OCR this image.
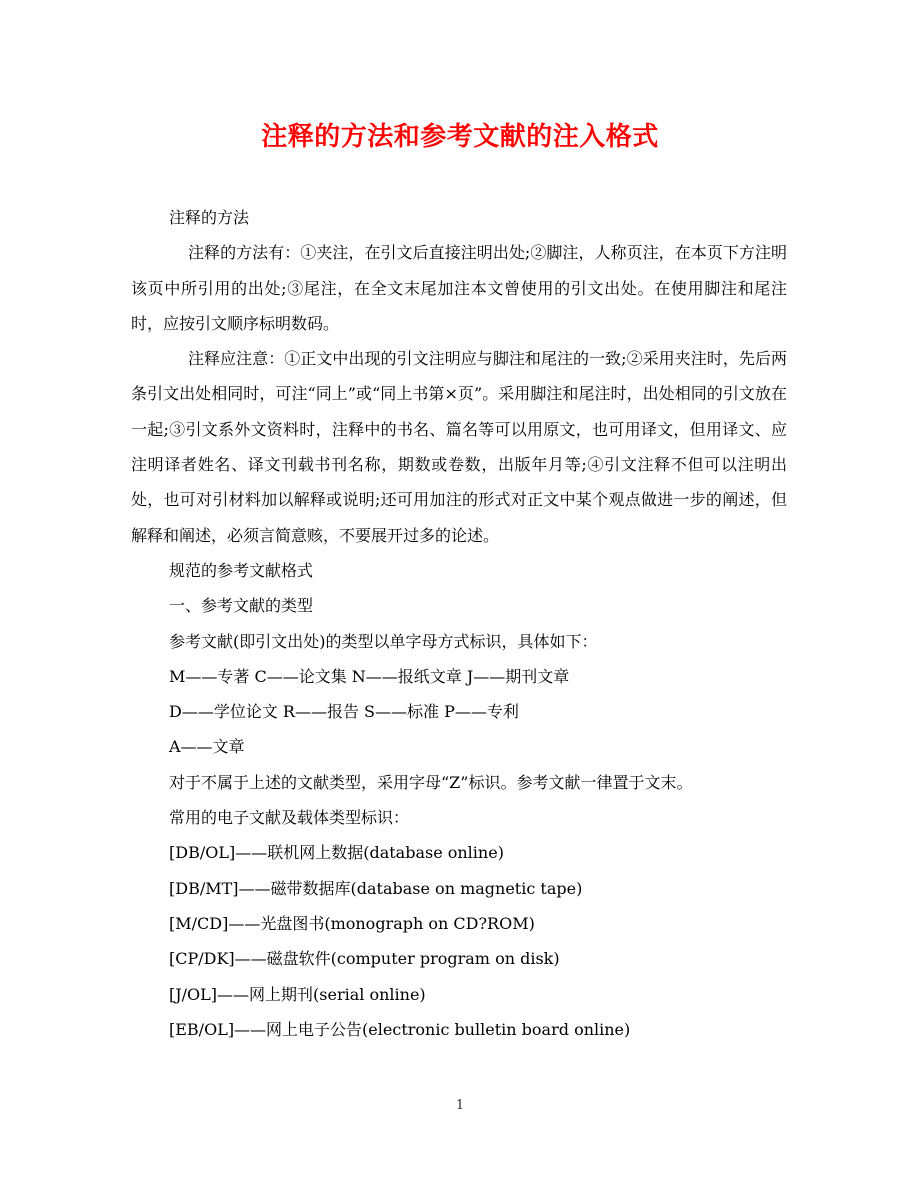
注释的方法和参考文献的注入格式

注释的方法

注释的方法有：①夹注，在引文后直接注明出处;②脚注，人称页注，在本页下方注明该页中所引用的出处;③尾注，在全文末尾加注本文曾使用的引文出处。在使用脚注和尾注时，应按引文顺序标明数码。

注释应注意：①正文中出现的引文注明应与脚注和尾注的一致;②采用夹注时，先后两条引文出处相同时，可注“同上”或“同上书第×页”。采用脚注和尾注时，出处相同的引文放在一起;③引文系外文资料时，注释中的书名、篇名等可以用原文，也可用译文，但用译文、应注明译者姓名、译文刊载书刊名称，期数或卷数，出版年月等;④引文注释不但可以注明出处，也可对引材料加以解释或说明;还可用加注的形式对正文中某个观点做进一步的阐述，但解释和阐述，必须言简意赅，不要展开过多的论述。

规范的参考文献格式

一、参考文献的类型

参考文献(即引文出处)的类型以单字母方式标识，具体如下：

M——专著 C——论文集 N——报纸文章 J——期刊文章

D——学位论文 R——报告 S——标准 P——专利

A——文章

对于不属于上述的文献类型，采用字母“Z”标识。参考文献一律置于文末。

常用的电子文献及载体类型标识：

[DB/OL]——联机网上数据(database online)

[DB/MT]——磁带数据库(database on magnetic tape)

[M/CD]——光盘图书(monograph on CD?ROM)

[CP/DK]——磁盘软件(computer program on disk)

[J/OL]——网上期刊(serial online)

[EB/OL]——网上电子公告(electronic bulletin board online)

1
